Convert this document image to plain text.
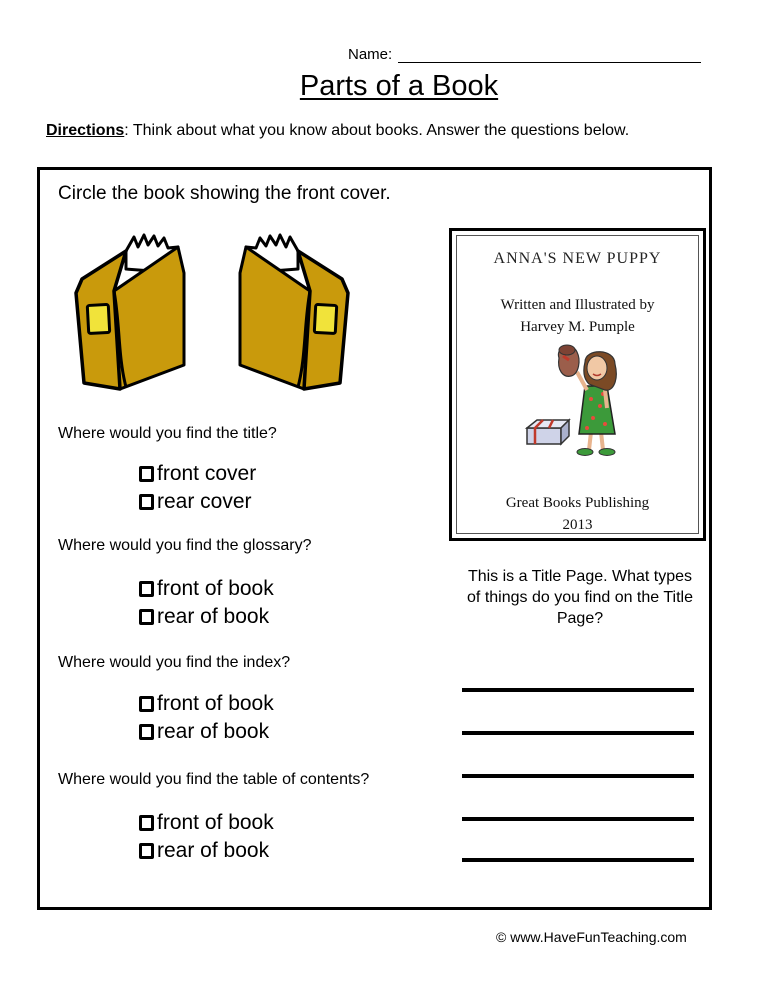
Name:
Parts of a Book
Directions: Think about what you know about books. Answer the questions below.
Circle the book showing the front cover.
Where would you find the title?
front cover
rear cover
Where would you find the glossary?
front of book
rear of book
Where would you find the index?
front of book
rear of book
Where would you find the table of contents?
front of book
rear of book
ANNA'S NEW PUPPY
Written and Illustrated by
Harvey M. Pumple
Great Books Publishing
2013
This is a Title Page. What types of things do you find on the Title Page?
© www.HaveFunTeaching.com
